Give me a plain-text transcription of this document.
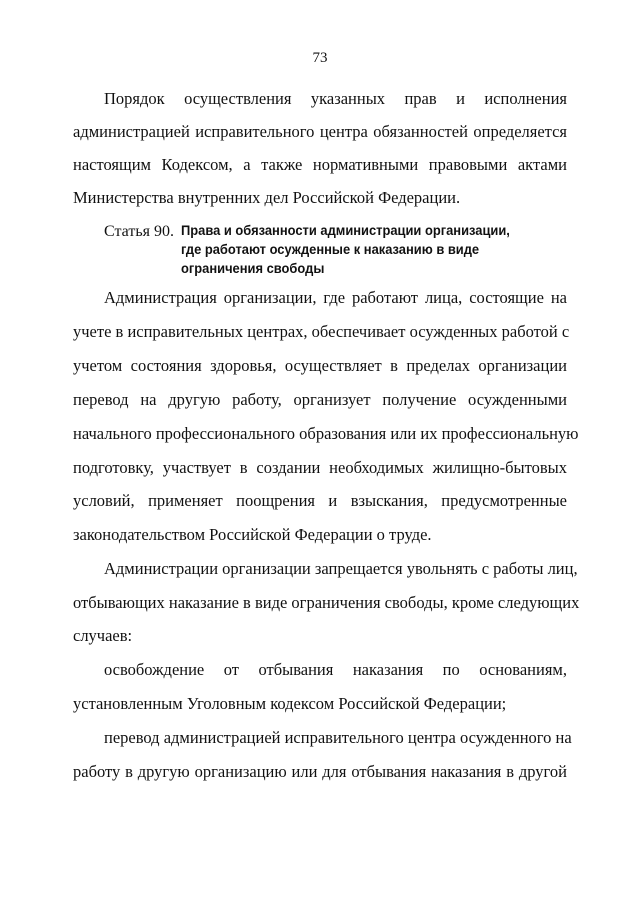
73
Порядок осуществления указанных прав и исполнения
администрацией исправительного центра обязанностей определяется
настоящим Кодексом, а также нормативными правовыми актами
Министерства внутренних дел Российской Федерации.
Статья 90. Права и обязанности администрации организации,
где работают осужденные к наказанию в виде
ограничения свободы
Администрация организации, где работают лица, состоящие на
учете в исправительных центрах, обеспечивает осужденных работой с
учетом состояния здоровья, осуществляет в пределах организации
перевод на другую работу, организует получение осужденными
начального профессионального образования или их профессиональную
подготовку, участвует в создании необходимых жилищно-бытовых
условий, применяет поощрения и взыскания, предусмотренные
законодательством Российской Федерации о труде.
Администрации организации запрещается увольнять с работы лиц,
отбывающих наказание в виде ограничения свободы, кроме следующих
случаев:
освобождение от отбывания наказания по основаниям,
установленным Уголовным кодексом Российской Федерации;
перевод администрацией исправительного центра осужденного на
работу в другую организацию или для отбывания наказания в другой
